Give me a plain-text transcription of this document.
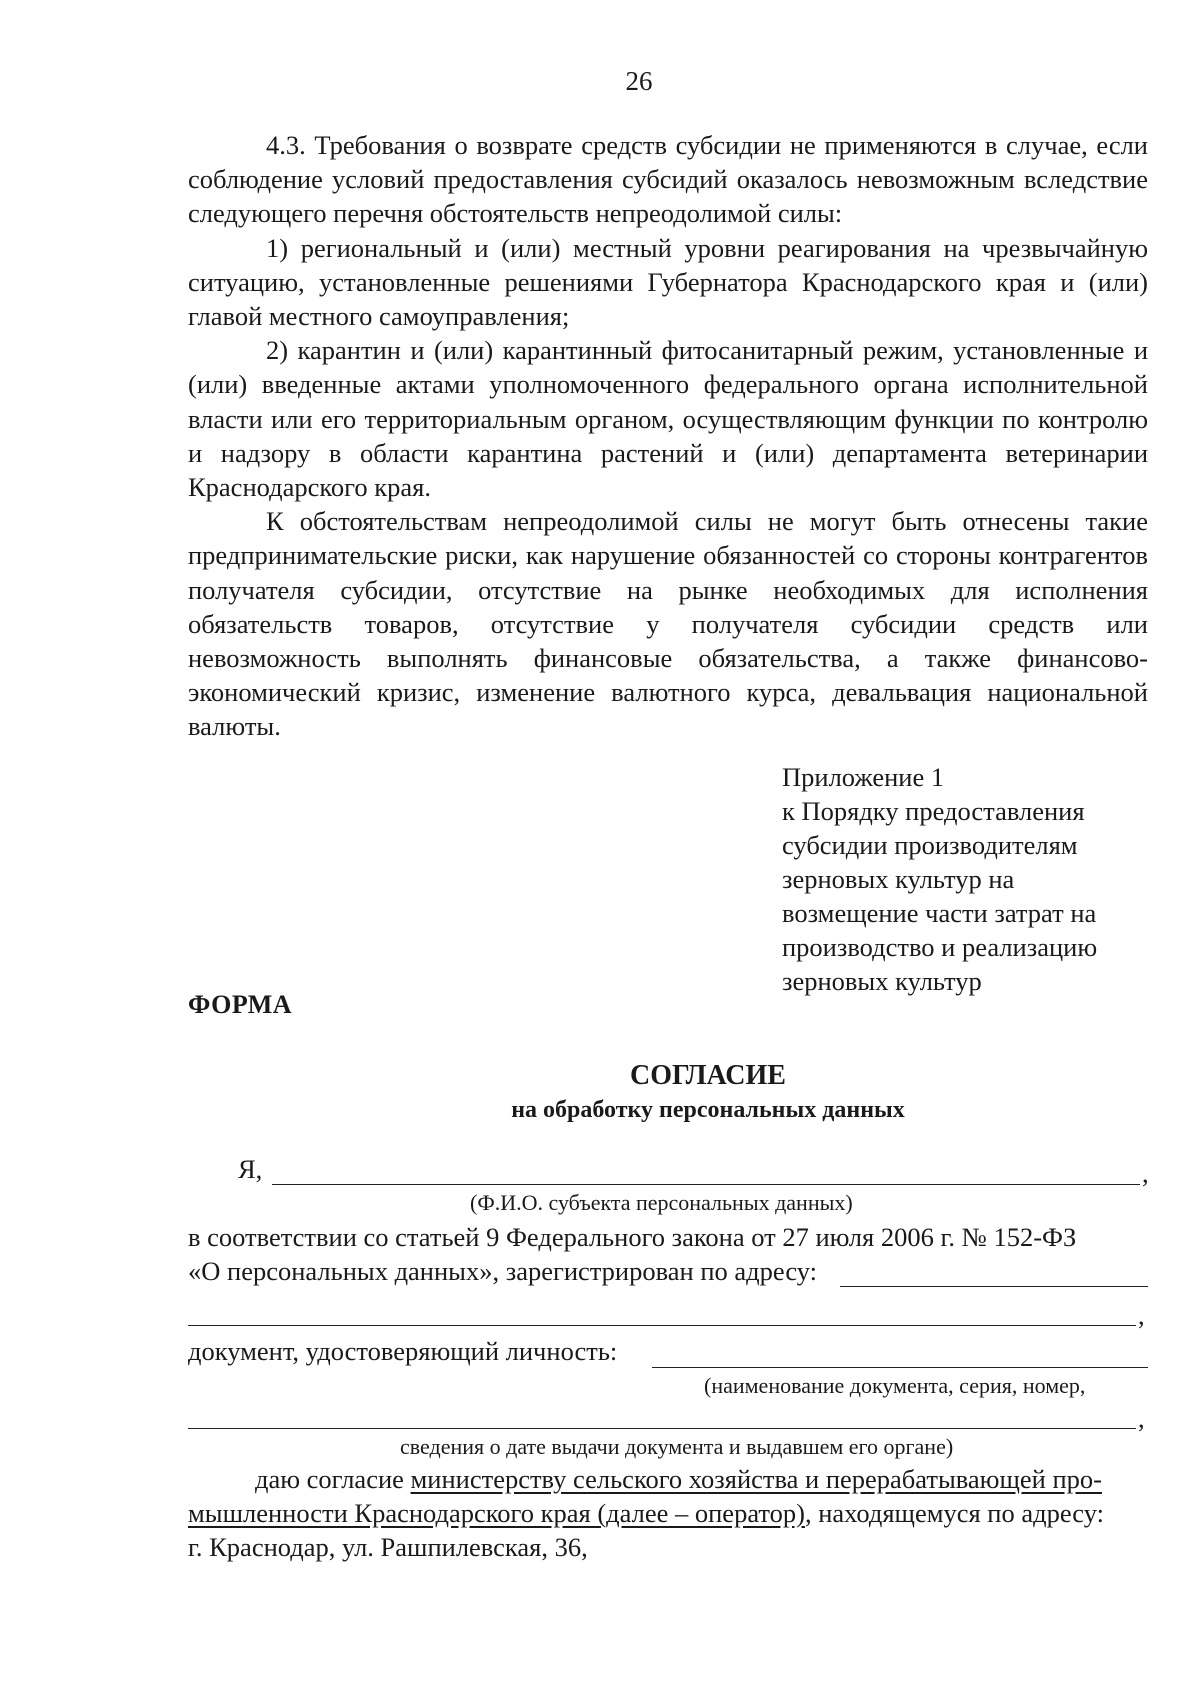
26

4.3. Требования о возврате средств субсидии не применяются в случае, если соблюдение условий предоставления субсидий оказалось невозможным вследствие следующего перечня обстоятельств непреодолимой силы:

1) региональный и (или) местный уровни реагирования на чрезвычайную ситуацию, установленные решениями Губернатора Краснодарского края и (или) главой местного самоуправления;

2) карантин и (или) карантинный фитосанитарный режим, установленные и (или) введенные актами уполномоченного федерального органа исполнительной власти или его территориальным органом, осуществляющим функции по контролю и надзору в области карантина растений и (или) департамента ветеринарии Краснодарского края.

К обстоятельствам непреодолимой силы не могут быть отнесены такие предпринимательские риски, как нарушение обязанностей со стороны контрагентов получателя субсидии, отсутствие на рынке необходимых для исполнения обязательств товаров, отсутствие у получателя субсидии средств или невозможность выполнять финансовые обязательства, а также финансово-экономический кризис, изменение валютного курса, девальвация национальной валюты.

Приложение 1
к Порядку предоставления
субсидии производителям
зерновых культур на
возмещение части затрат на
производство и реализацию
зерновых культур
ФОРМА
СОГЛАСИЕ
на обработку персональных данных
Я,	,
(Ф.И.О. субъекта персональных данных)
в соответствии со статьей 9 Федерального закона от 27 июля 2006 г. № 152-ФЗ
«О персональных данных», зарегистрирован по адресу:
,
документ, удостоверяющий личность:
(наименование документа, серия, номер,
,
сведения о дате выдачи документа и выдавшем его органе)
даю согласие министерству сельского хозяйства и перерабатывающей про-
мышленности Краснодарского края (далее – оператор), находящемуся по адресу:
г. Краснодар, ул. Рашпилевская, 36,
